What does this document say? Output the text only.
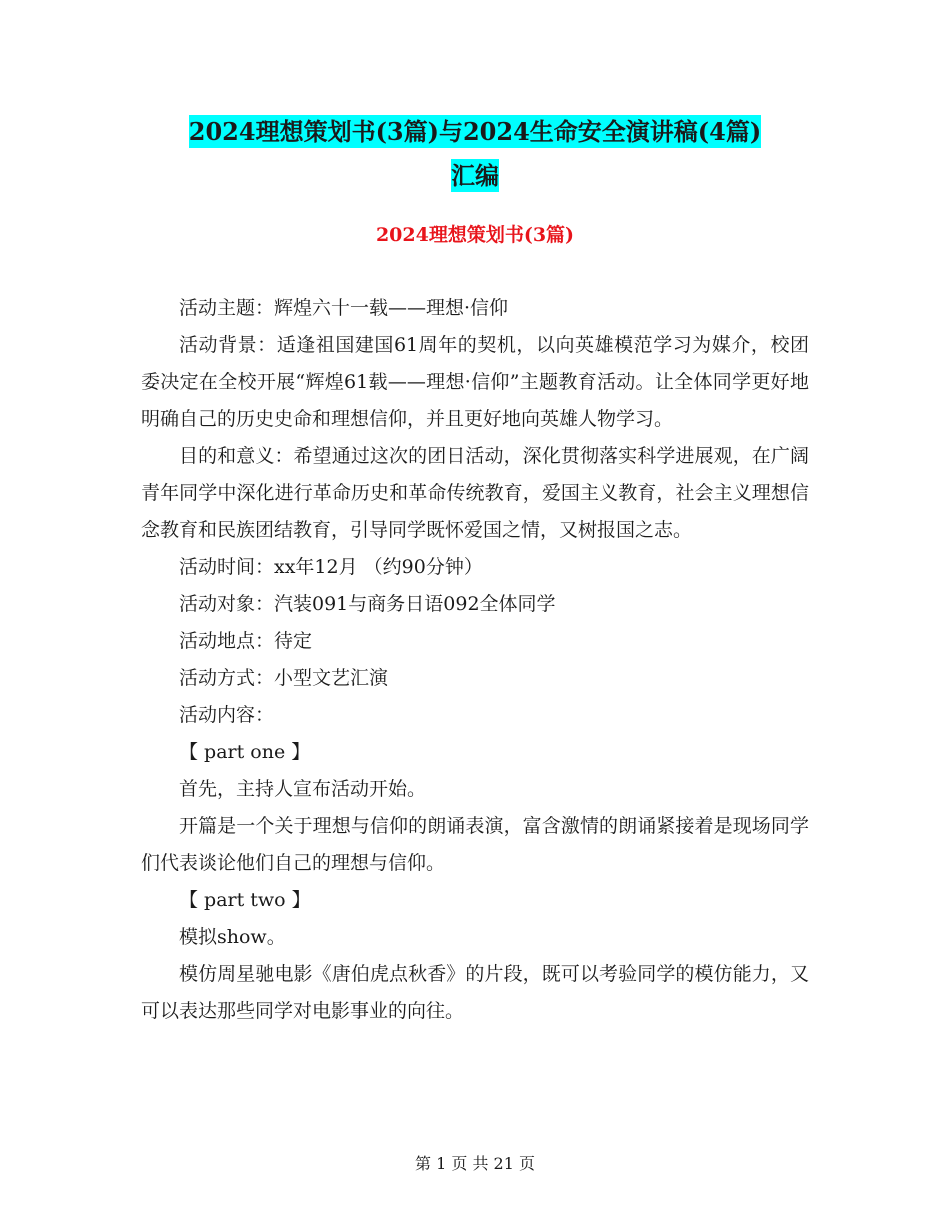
2024理想策划书(3篇)与2024生命安全演讲稿(4篇)
汇编
2024理想策划书(3篇)

活动主题：辉煌六十一载——理想·信仰

活动背景：适逢祖国建国61周年的契机，以向英雄模范学习为媒介，校团委决定在全校开展“辉煌61载——理想·信仰”主题教育活动。让全体同学更好地明确自己的历史史命和理想信仰，并且更好地向英雄人物学习。

目的和意义：希望通过这次的团日活动，深化贯彻落实科学进展观，在广阔青年同学中深化进行革命历史和革命传统教育，爱国主义教育，社会主义理想信念教育和民族团结教育，引导同学既怀爱国之情，又树报国之志。

活动时间：xx年12月 （约90分钟）

活动对象：汽装091与商务日语092全体同学

活动地点：待定

活动方式：小型文艺汇演

活动内容：

【 part one 】

首先，主持人宣布活动开始。

开篇是一个关于理想与信仰的朗诵表演，富含激情的朗诵紧接着是现场同学们代表谈论他们自己的理想与信仰。

【 part two 】

模拟show。

模仿周星驰电影《唐伯虎点秋香》的片段，既可以考验同学的模仿能力，又可以表达那些同学对电影事业的向往。

第 1 页 共 21 页
